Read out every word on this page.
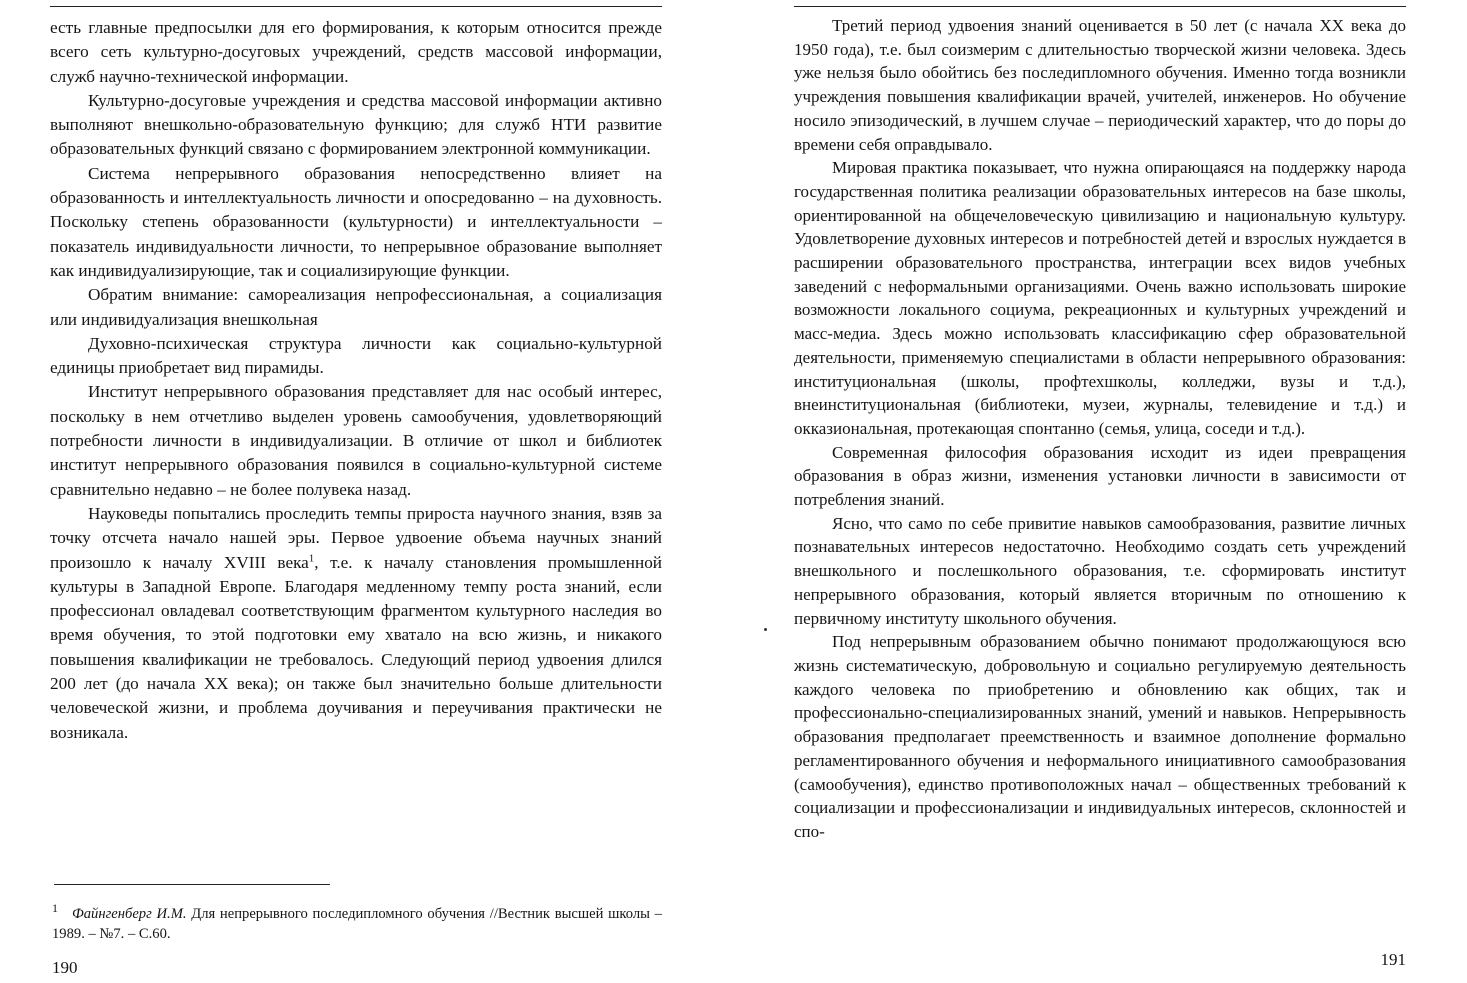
есть главные предпосылки для его формирования, к которым относится прежде всего сеть культурно-досуговых учреждений, средств массовой информации, служб научно-технической информации.

Культурно-досуговые учреждения и средства массовой информации активно выполняют внешкольно-образовательную функцию; для служб НТИ развитие образовательных функций связано с формированием электронной коммуникации.

Система непрерывного образования непосредственно влияет на образованность и интеллектуальность личности и опосредованно – на духовность. Поскольку степень образованности (культурности) и интеллектуальности – показатель индивидуальности личности, то непрерывное образование выполняет как индивидуализирующие, так и социализирующие функции.

Обратим внимание: самореализация непрофессиональная, а социализация или индивидуализация внешкольная

Духовно-психическая структура личности как социально-культурной единицы приобретает вид пирамиды.

Институт непрерывного образования представляет для нас особый интерес, поскольку в нем отчетливо выделен уровень самообучения, удовлетворяющий потребности личности в индивидуализации. В отличие от школ и библиотек институт непрерывного образования появился в социально-культурной системе сравнительно недавно – не более полувека назад.

Науковеды попытались проследить темпы прироста научного знания, взяв за точку отсчета начало нашей эры. Первое удвоение объема научных знаний произошло к началу XVIII века$^1$, т.е. к началу становления промышленной культуры в Западной Европе. Благодаря медленному темпу роста знаний, если профессионал овладевал соответствующим фрагментом культурного наследия во время обучения, то этой подготовки ему хватало на всю жизнь, и никакого повышения квалификации не требовалось. Следующий период удвоения длился 200 лет (до начала XX века); он также был значительно больше длительности человеческой жизни, и проблема доучивания и переучивания практически не возникала.

$^1$ Файнгенберг И.М. Для непрерывного последипломного обучения //Вестник высшей школы – 1989. – №7. – С.60.
190

Третий период удвоения знаний оценивается в 50 лет (с начала XX века до 1950 года), т.е. был соизмерим с длительностью творческой жизни человека. Здесь уже нельзя было обойтись без последипломного обучения. Именно тогда возникли учреждения повышения квалификации врачей, учителей, инженеров. Но обучение носило эпизодический, в лучшем случае – периодический характер, что до поры до времени себя оправдывало.

Мировая практика показывает, что нужна опирающаяся на поддержку народа государственная политика реализации образовательных интересов на базе школы, ориентированной на общечеловеческую цивилизацию и национальную культуру. Удовлетворение духовных интересов и потребностей детей и взрослых нуждается в расширении образовательного пространства, интеграции всех видов учебных заведений с неформальными организациями. Очень важно использовать широкие возможности локального социума, рекреационных и культурных учреждений и масс-медиа. Здесь можно использовать классификацию сфер образовательной деятельности, применяемую специалистами в области непрерывного образования: институциональная (школы, профтехшколы, колледжи, вузы и т.д.), внеинституциональная (библиотеки, музеи, журналы, телевидение и т.д.) и окказиональная, протекающая спонтанно (семья, улица, соседи и т.д.).

Современная философия образования исходит из идеи превращения образования в образ жизни, изменения установки личности в зависимости от потребления знаний.

Ясно, что само по себе привитие навыков самообразования, развитие личных познавательных интересов недостаточно. Необходимо создать сеть учреждений внешкольного и послешкольного образования, т.е. сформировать институт непрерывного образования, который является вторичным по отношению к первичному институту школьного обучения.

Под непрерывным образованием обычно понимают продолжающуюся всю жизнь систематическую, добровольную и социально регулируемую деятельность каждого человека по приобретению и обновлению как общих, так и профессионально-специализированных знаний, умений и навыков. Непрерывность образования предполагает преемственность и взаимное дополнение формально регламентированного обучения и неформального инициативного самообразования (самообучения), единство противоположных начал – общественных требований к социализации и профессионализации и индивидуальных интересов, склонностей и спо-

191
